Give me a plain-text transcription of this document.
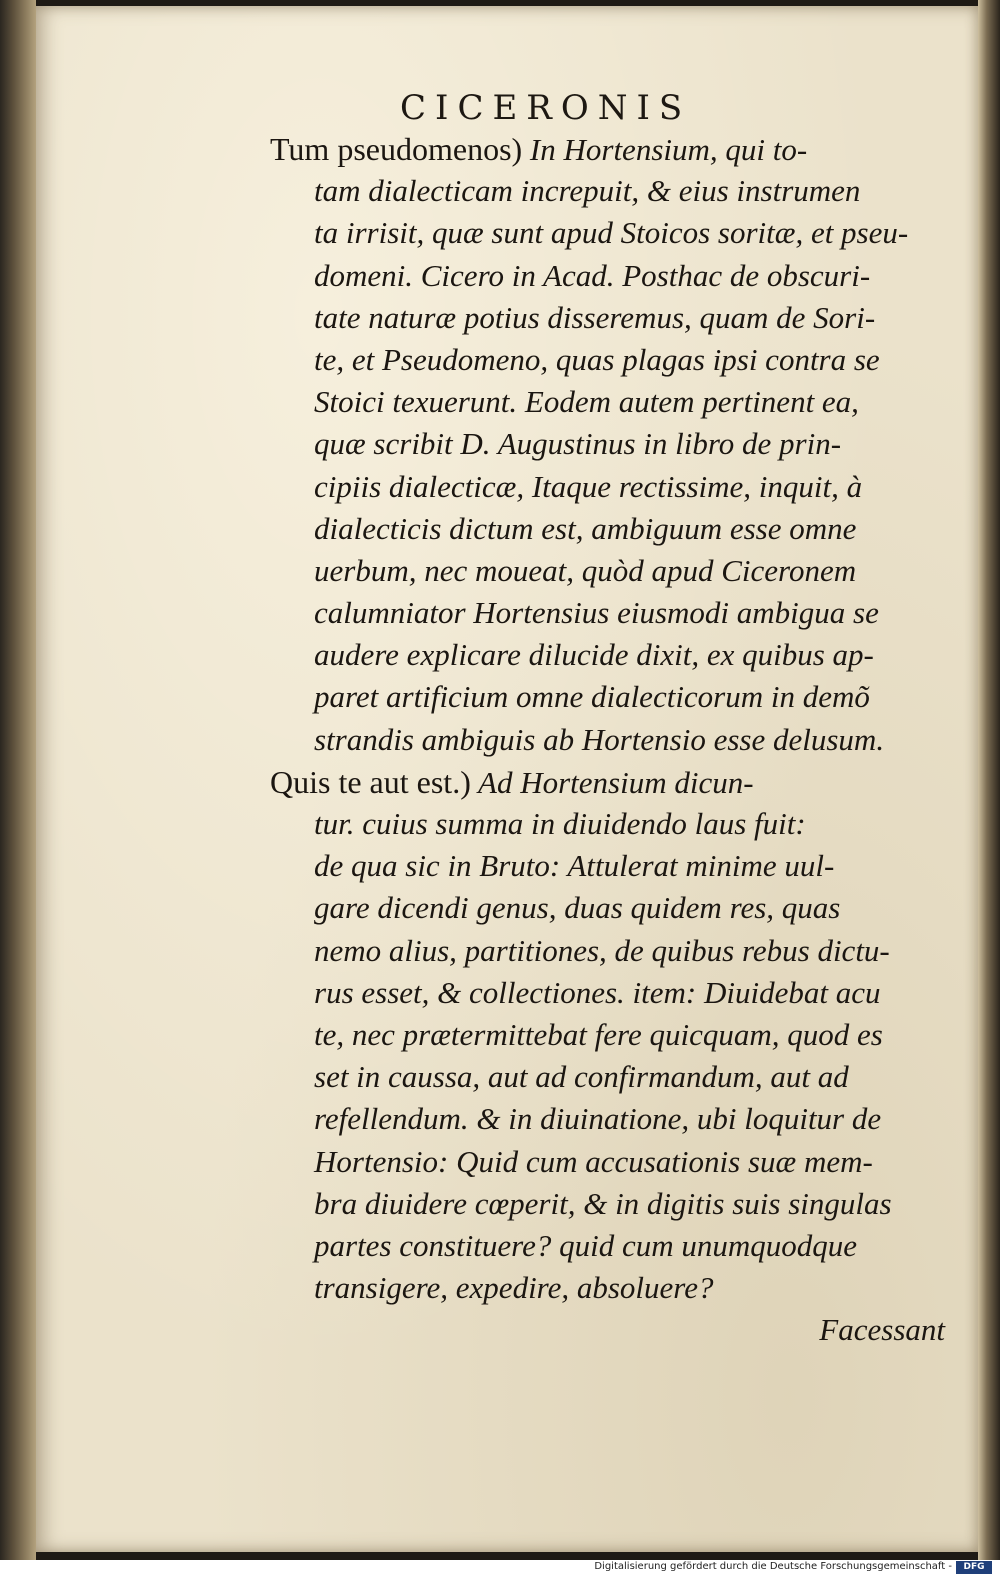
CICERONIS
Tum pseudomenos) In Hortensium, qui to-
tam dialecticam increpuit, & eius instrumen
ta irrisit, quæ sunt apud Stoicos soritæ, et pseu-
domeni. Cicero in Acad. Posthac de obscuri-
tate naturæ potius disseremus, quam de Sori-
te, et Pseudomeno, quas plagas ipsi contra se
Stoici texuerunt. Eodem autem pertinent ea,
quæ scribit D. Augustinus in libro de prin-
cipiis dialecticæ, Itaque rectissime, inquit, à
dialecticis dictum est, ambiguum esse omne
uerbum, nec moueat, quòd apud Ciceronem
calumniator Hortensius eiusmodi ambigua se
audere explicare dilucide dixit, ex quibus ap-
paret artificium omne dialecticorum in demõ
strandis ambiguis ab Hortensio esse delusum.
Quis te aut est.) Ad Hortensium dicun-
tur. cuius summa in diuidendo laus fuit:
de qua sic in Bruto: Attulerat minime uul-
gare dicendi genus, duas quidem res, quas
nemo alius, partitiones, de quibus rebus dictu-
rus esset, & collectiones. item: Diuidebat acu
te, nec prætermittebat fere quicquam, quod es
set in caussa, aut ad confirmandum, aut ad
refellendum. & in diuinatione, ubi loquitur de
Hortensio: Quid cum accusationis suæ mem-
bra diuidere cœperit, & in digitis suis singulas
partes constituere? quid cum unumquodque
transigere, expedire, absoluere?
Facessant
Digitalisierung gefördert durch die Deutsche Forschungsgemeinschaft -	DFG
